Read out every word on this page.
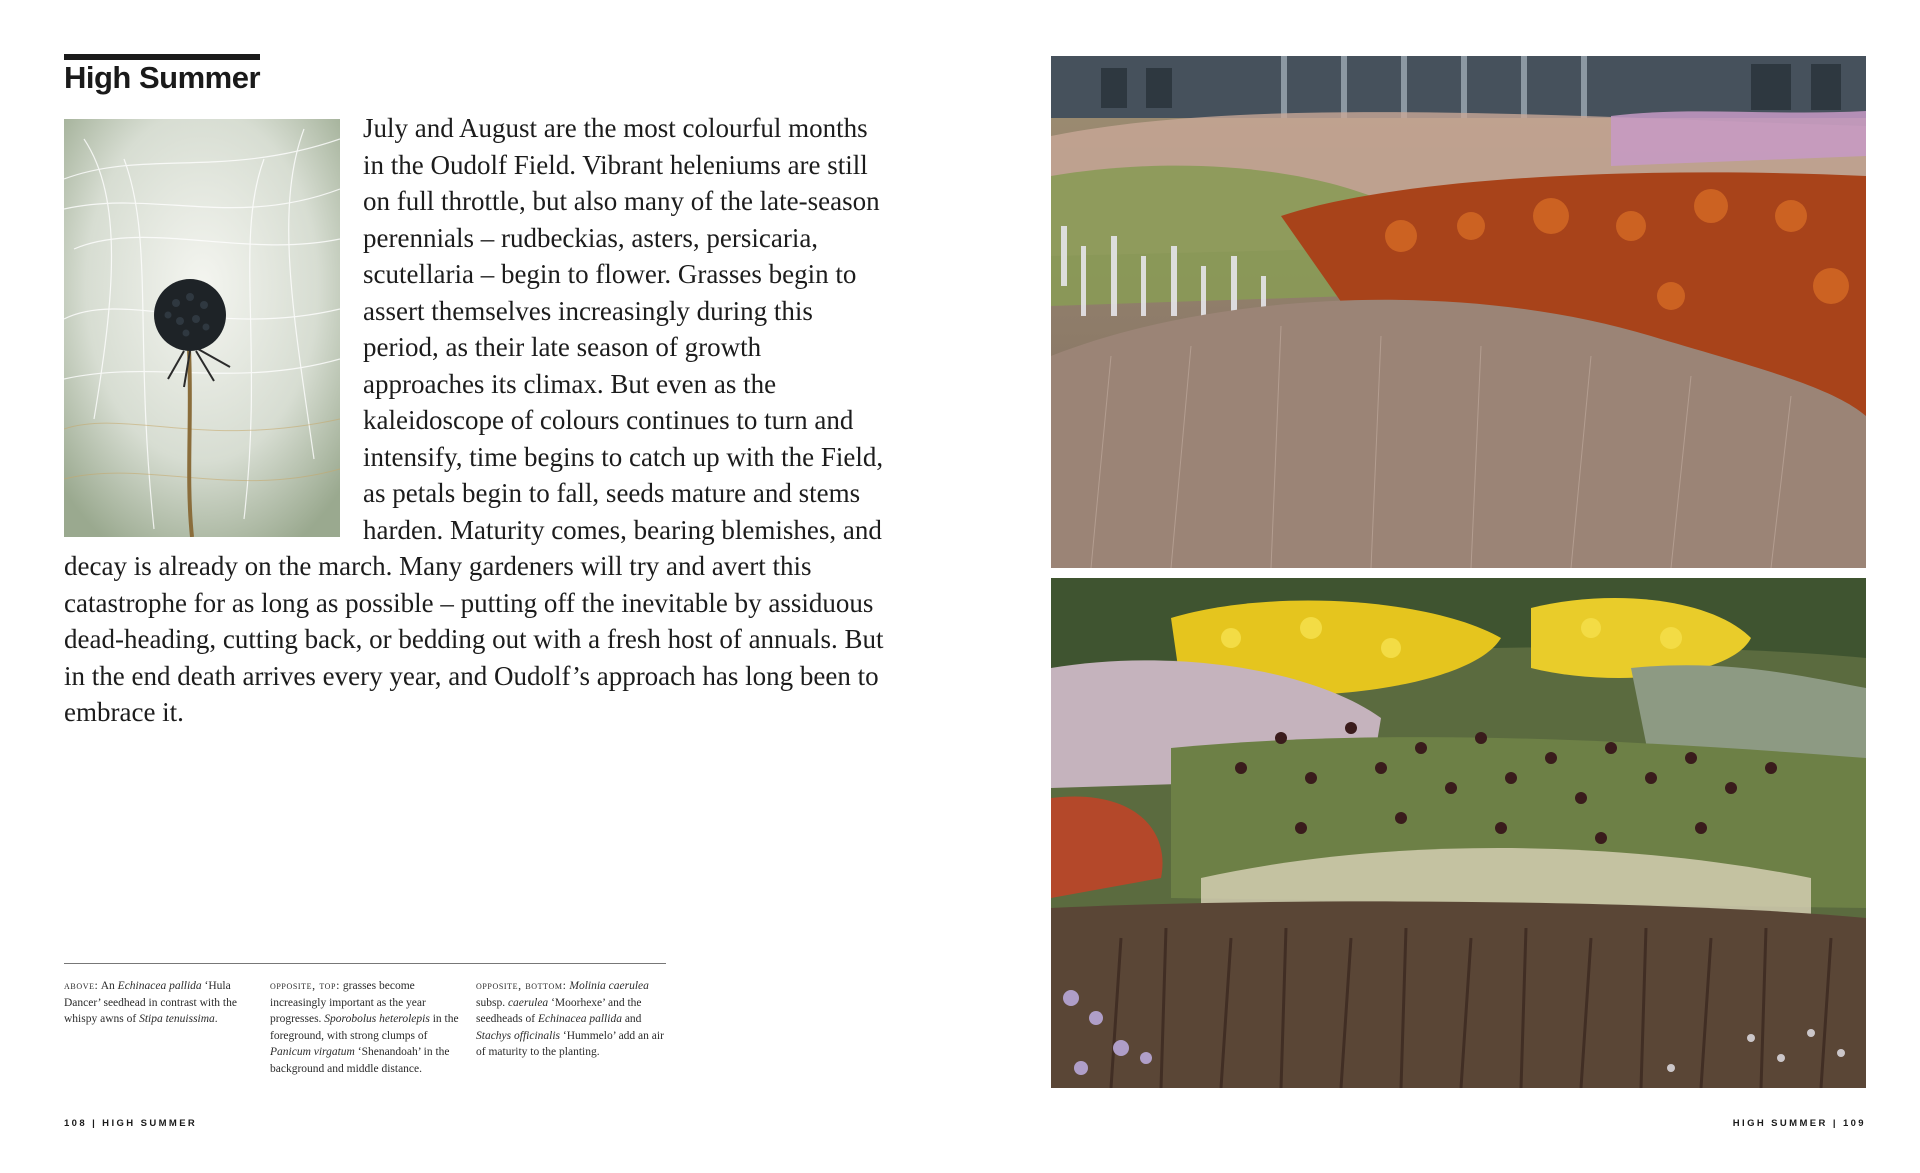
High Summer

July and August are the most colourful months in the Oudolf Field. Vibrant heleniums are still on full throttle, but also many of the late-season perennials – rudbeckias, asters, persicaria, scutellaria – begin to flower. Grasses begin to assert themselves increasingly during this period, as their late season of growth approaches its climax. But even as the kaleidoscope of colours continues to turn and intensify, time begins to catch up with the Field, as petals begin to fall, seeds mature and stems harden. Maturity comes, bearing blemishes, and decay is already on the march. Many gardeners will try and avert this catastrophe for as long as possible – putting off the inevitable by assiduous dead-heading, cutting back, or bedding out with a fresh host of annuals. But in the end death arrives every year, and Oudolf’s approach has long been to embrace it.

above: An Echinacea pallida ‘Hula Dancer’ seedhead in contrast with the whispy awns of Stipa tenuissima.

opposite, top: grasses become increasingly important as the year progresses. Sporobolus heterolepis in the foreground, with strong clumps of Panicum virgatum ‘Shenandoah’ in the background and middle distance.

opposite, bottom: Molinia caerulea subsp. caerulea ‘Moorhexe’ and the seedheads of Echinacea pallida and Stachys officinalis ‘Hummelo’ add an air of maturity to the planting.

108 | HIGH SUMMER	HIGH SUMMER | 109
